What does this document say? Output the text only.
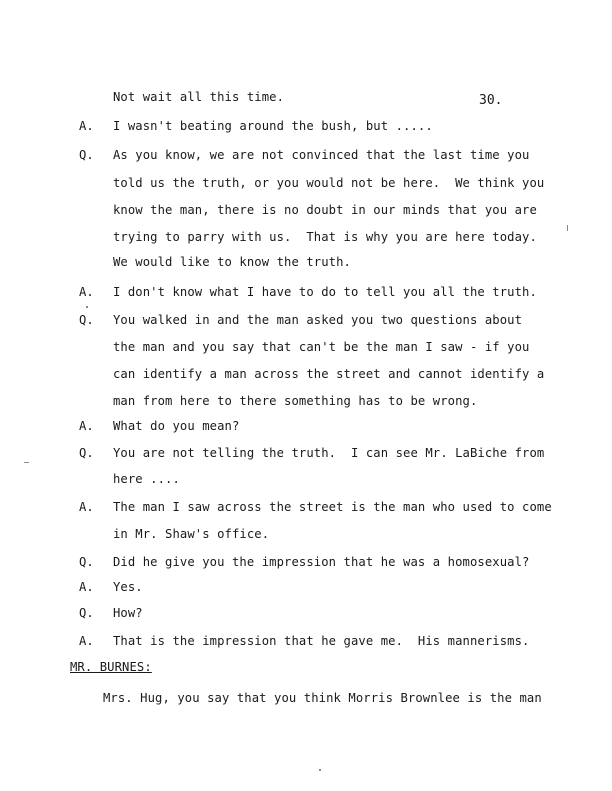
30.
Not wait all this time.
A. I wasn't beating around the bush, but .....
Q. As you know, we are not convinced that the last time you
told us the truth, or you would not be here.  We think you
know the man, there is no doubt in our minds that you are
trying to parry with us.  That is why you are here today.
We would like to know the truth.
A. I don't know what I have to do to tell you all the truth.
Q. You walked in and the man asked you two questions about
the man and you say that can't be the man I saw - if you
can identify a man across the street and cannot identify a
man from here to there something has to be wrong.
A. What do you mean?
Q. You are not telling the truth.  I can see Mr. LaBiche from
here ....
A. The man I saw across the street is the man who used to come
in Mr. Shaw's office.
Q. Did he give you the impression that he was a homosexual?
A. Yes.
Q. How?
A. That is the impression that he gave me.  His mannerisms.
MR. BURNES:
Mrs. Hug, you say that you think Morris Brownlee is the man
